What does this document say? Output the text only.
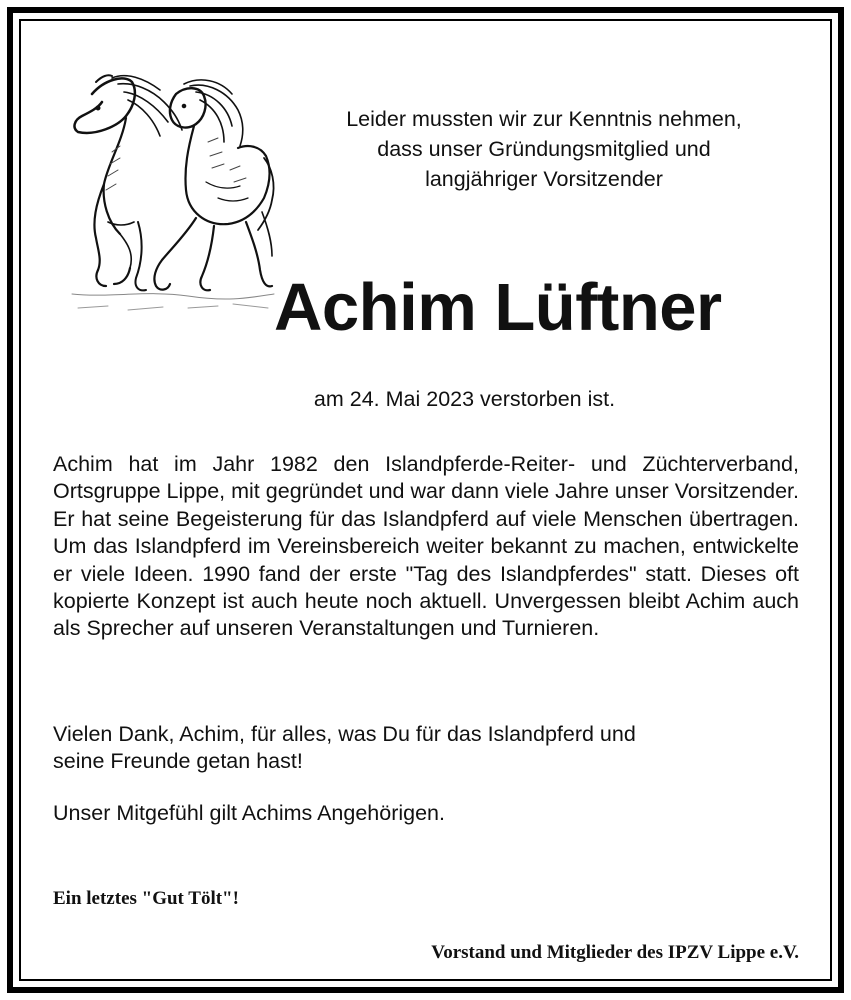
Leider mussten wir zur Kenntnis nehmen,
dass unser Gründungsmitglied und
langjähriger Vorsitzender
Achim Lüftner
am 24. Mai 2023 verstorben ist.

Achim hat im Jahr 1982 den Islandpferde-Reiter- und Züchterverband, Ortsgruppe Lippe, mit gegründet und war dann viele Jahre unser Vorsitzender. Er hat seine Begeisterung für das Islandpferd auf viele Menschen übertragen. Um das Islandpferd im Vereinsbereich weiter bekannt zu machen, entwickelte er viele Ideen. 1990 fand der erste "Tag des Islandpferdes" statt. Dieses oft kopierte Konzept ist auch heute noch aktuell. Unvergessen bleibt Achim auch als Sprecher auf unseren Veranstaltungen und Turnieren.

Vielen Dank, Achim, für alles, was Du für das Islandpferd und
seine Freunde getan hast!
Unser Mitgefühl gilt Achims Angehörigen.
Ein letztes "Gut Tölt"!
Vorstand und Mitglieder des IPZV Lippe e.V.
